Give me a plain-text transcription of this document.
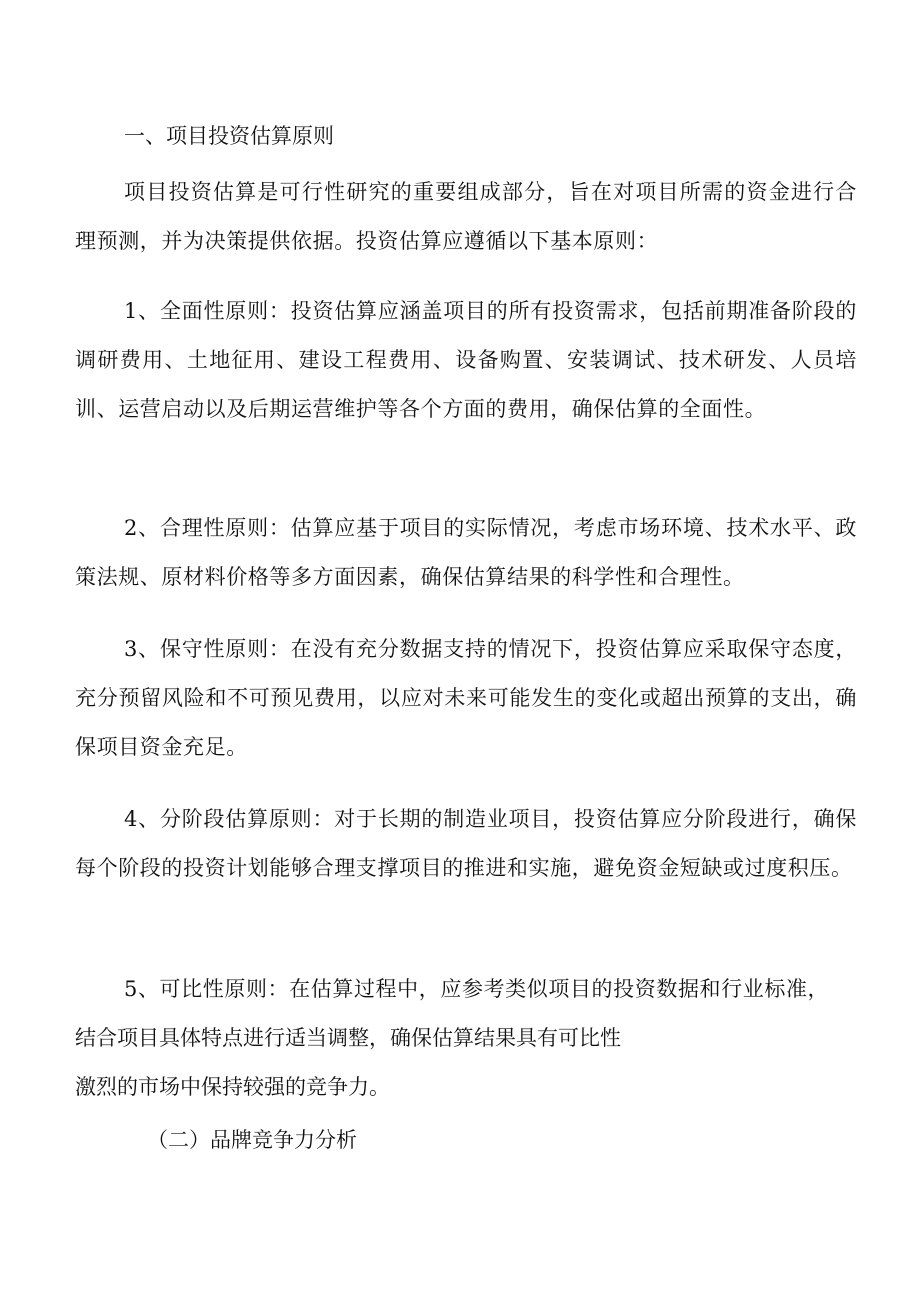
一、项目投资估算原则

项目投资估算是可行性研究的重要组成部分，旨在对项目所需的资金进行合理预测，并为决策提供依据。投资估算应遵循以下基本原则：

1、全面性原则：投资估算应涵盖项目的所有投资需求，包括前期准备阶段的调研费用、土地征用、建设工程费用、设备购置、安装调试、技术研发、人员培训、运营启动以及后期运营维护等各个方面的费用，确保估算的全面性。

2、合理性原则：估算应基于项目的实际情况，考虑市场环境、技术水平、政策法规、原材料价格等多方面因素，确保估算结果的科学性和合理性。

3、保守性原则：在没有充分数据支持的情况下，投资估算应采取保守态度，充分预留风险和不可预见费用，以应对未来可能发生的变化或超出预算的支出，确保项目资金充足。

4、分阶段估算原则：对于长期的制造业项目，投资估算应分阶段进行，确保每个阶段的投资计划能够合理支撑项目的推进和实施，避免资金短缺或过度积压。

5、可比性原则：在估算过程中，应参考类似项目的投资数据和行业标准，

结合项目具体特点进行适当调整，确保估算结果具有可比性

激烈的市场中保持较强的竞争力。

（二）品牌竞争力分析
